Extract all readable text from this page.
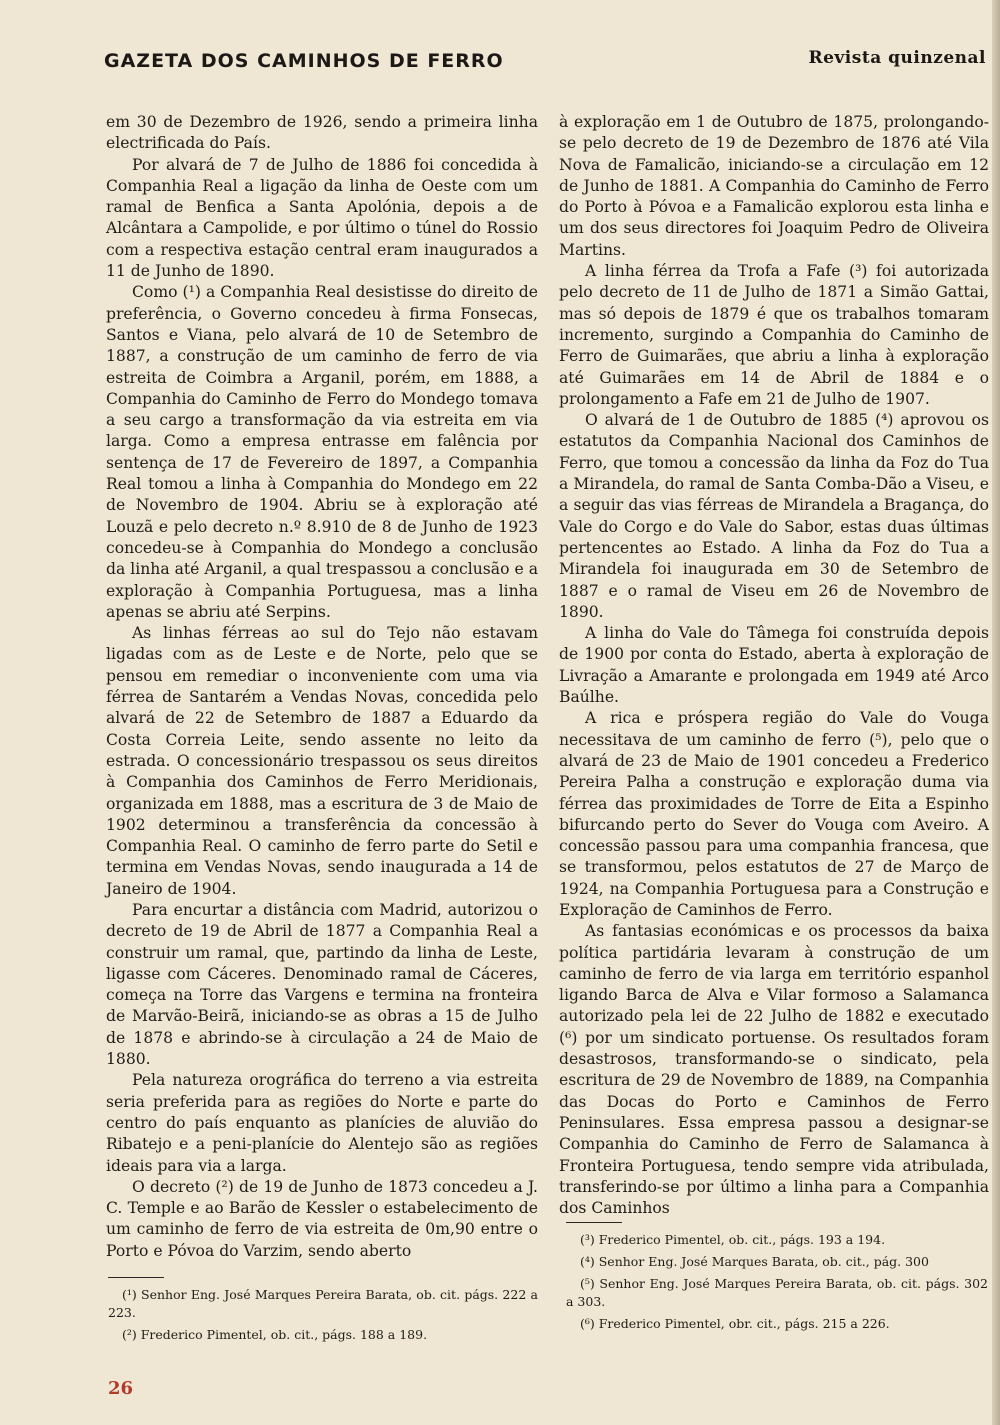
GAZETA DOS CAMINHOS DE FERRO	Revista quinzenal

em 30 de Dezembro de 1926, sendo a primeira linha electrificada do País.

Por alvará de 7 de Julho de 1886 foi concedida à Companhia Real a ligação da linha de Oeste com um ramal de Benfica a Santa Apolónia, depois a de Alcântara a Campolide, e por último o túnel do Rossio com a respectiva estação central eram inaugurados a 11 de Junho de 1890.

Como (¹) a Companhia Real desistisse do direito de preferência, o Governo concedeu à firma Fonsecas, Santos e Viana, pelo alvará de 10 de Setembro de 1887, a construção de um caminho de ferro de via estreita de Coimbra a Arganil, porém, em 1888, a Companhia do Caminho de Ferro do Mondego tomava a seu cargo a transformação da via estreita em via larga. Como a empresa entrasse em falência por sentença de 17 de Fevereiro de 1897, a Companhia Real tomou a linha à Companhia do Mondego em 22 de Novembro de 1904. Abriu se à exploração até Louzã e pelo decreto n.º 8.910 de 8 de Junho de 1923 concedeu-se à Companhia do Mondego a conclusão da linha até Arganil, a qual trespassou a conclusão e a exploração à Companhia Portuguesa, mas a linha apenas se abriu até Serpins.

As linhas férreas ao sul do Tejo não estavam ligadas com as de Leste e de Norte, pelo que se pensou em remediar o inconveniente com uma via férrea de Santarém a Vendas Novas, concedida pelo alvará de 22 de Setembro de 1887 a Eduardo da Costa Correia Leite, sendo assente no leito da estrada. O concessionário trespassou os seus direitos à Companhia dos Caminhos de Ferro Meridionais, organizada em 1888, mas a escritura de 3 de Maio de 1902 determinou a transferência da concessão à Companhia Real. O caminho de ferro parte do Setil e termina em Vendas Novas, sendo inaugurada a 14 de Janeiro de 1904.

Para encurtar a distância com Madrid, autorizou o decreto de 19 de Abril de 1877 a Companhia Real a construir um ramal, que, partindo da linha de Leste, ligasse com Cáceres. Denominado ramal de Cáceres, começa na Torre das Vargens e termina na fronteira de Marvão-Beirã, iniciando-se as obras a 15 de Julho de 1878 e abrindo-se à circulação a 24 de Maio de 1880.

Pela natureza orográfica do terreno a via estreita seria preferida para as regiões do Norte e parte do centro do país enquanto as planícies de aluvião do Ribatejo e a peni-planície do Alentejo são as regiões ideais para via a larga.

O decreto (²) de 19 de Junho de 1873 concedeu a J. C. Temple e ao Barão de Kessler o estabelecimento de um caminho de ferro de via estreita de 0m,90 entre o Porto e Póvoa do Varzim, sendo aberto

à exploração em 1 de Outubro de 1875, prolongando-se pelo decreto de 19 de Dezembro de 1876 até Vila Nova de Famalicão, iniciando-se a circulação em 12 de Junho de 1881. A Companhia do Caminho de Ferro do Porto à Póvoa e a Famalicão explorou esta linha e um dos seus directores foi Joaquim Pedro de Oliveira Martins.

A linha férrea da Trofa a Fafe (³) foi autorizada pelo decreto de 11 de Julho de 1871 a Simão Gattai, mas só depois de 1879 é que os trabalhos tomaram incremento, surgindo a Companhia do Caminho de Ferro de Guimarães, que abriu a linha à exploração até Guimarães em 14 de Abril de 1884 e o prolongamento a Fafe em 21 de Julho de 1907.

O alvará de 1 de Outubro de 1885 (⁴) aprovou os estatutos da Companhia Nacional dos Caminhos de Ferro, que tomou a concessão da linha da Foz do Tua a Mirandela, do ramal de Santa Comba-Dão a Viseu, e a seguir das vias férreas de Mirandela a Bragança, do Vale do Corgo e do Vale do Sabor, estas duas últimas pertencentes ao Estado. A linha da Foz do Tua a Mirandela foi inaugurada em 30 de Setembro de 1887 e o ramal de Viseu em 26 de Novembro de 1890.

A linha do Vale do Tâmega foi construída depois de 1900 por conta do Estado, aberta à exploração de Livração a Amarante e prolongada em 1949 até Arco Baúlhe.

A rica e próspera região do Vale do Vouga necessitava de um caminho de ferro (⁵), pelo que o alvará de 23 de Maio de 1901 concedeu a Frederico Pereira Palha a construção e exploração duma via férrea das proximidades de Torre de Eita a Espinho bifurcando perto do Sever do Vouga com Aveiro. A concessão passou para uma companhia francesa, que se transformou, pelos estatutos de 27 de Março de 1924, na Companhia Portuguesa para a Construção e Exploração de Caminhos de Ferro.

As fantasias económicas e os processos da baixa política partidária levaram à construção de um caminho de ferro de via larga em território espanhol ligando Barca de Alva e Vilar formoso a Salamanca autorizado pela lei de 22 Julho de 1882 e executado (⁶) por um sindicato portuense. Os resultados foram desastrosos, transformando-se o sindicato, pela escritura de 29 de Novembro de 1889, na Companhia das Docas do Porto e Caminhos de Ferro Peninsulares. Essa empresa passou a designar-se Companhia do Caminho de Ferro de Salamanca à Fronteira Portuguesa, tendo sempre vida atribulada, transferindo-se por último a linha para a Companhia dos Caminhos

(¹) Senhor Eng. José Marques Pereira Barata, ob. cit. págs. 222 a 223.

(²) Frederico Pimentel, ob. cit., págs. 188 a 189.

(³) Frederico Pimentel, ob. cit., págs. 193 a 194.

(⁴) Senhor Eng. José Marques Barata, ob. cit., pág. 300

(⁵) Senhor Eng. José Marques Pereira Barata, ob. cit. págs. 302 a 303.

(⁶) Frederico Pimentel, obr. cit., págs. 215 a 226.

26
